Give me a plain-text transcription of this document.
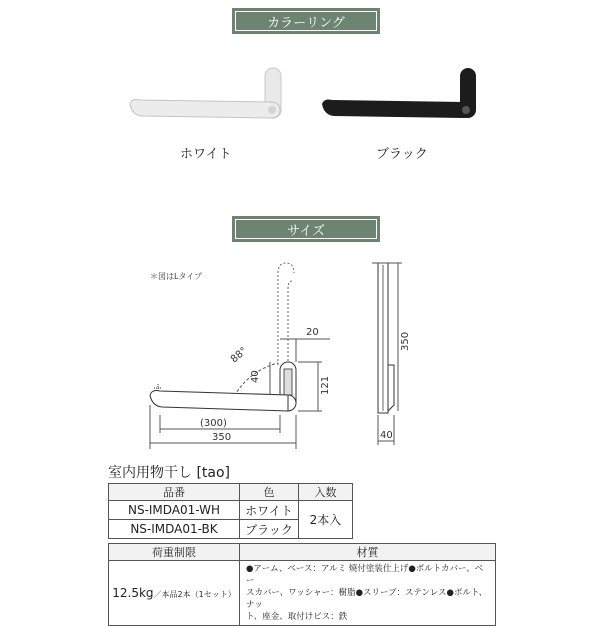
カラーリング
ホワイト	ブラック
サイズ
＊図はLタイプ
88°
20
40	121
(300)
350
350
40
室内用物干し [tao]
品番	色	入数
NS-IMDA01-WH	ホワイト	2本入
NS-IMDA01-BK	ブラック	
荷重制限	材質
12.5kg／本品2本（1セット）	●アーム、ベース：アルミ 焼付塗装仕上げ●ボルトカバー、ベー
スカバー、ワッシャー：樹脂●スリーブ：ステンレス●ボルト、ナッ
ト、座金、取付けビス：鉄
